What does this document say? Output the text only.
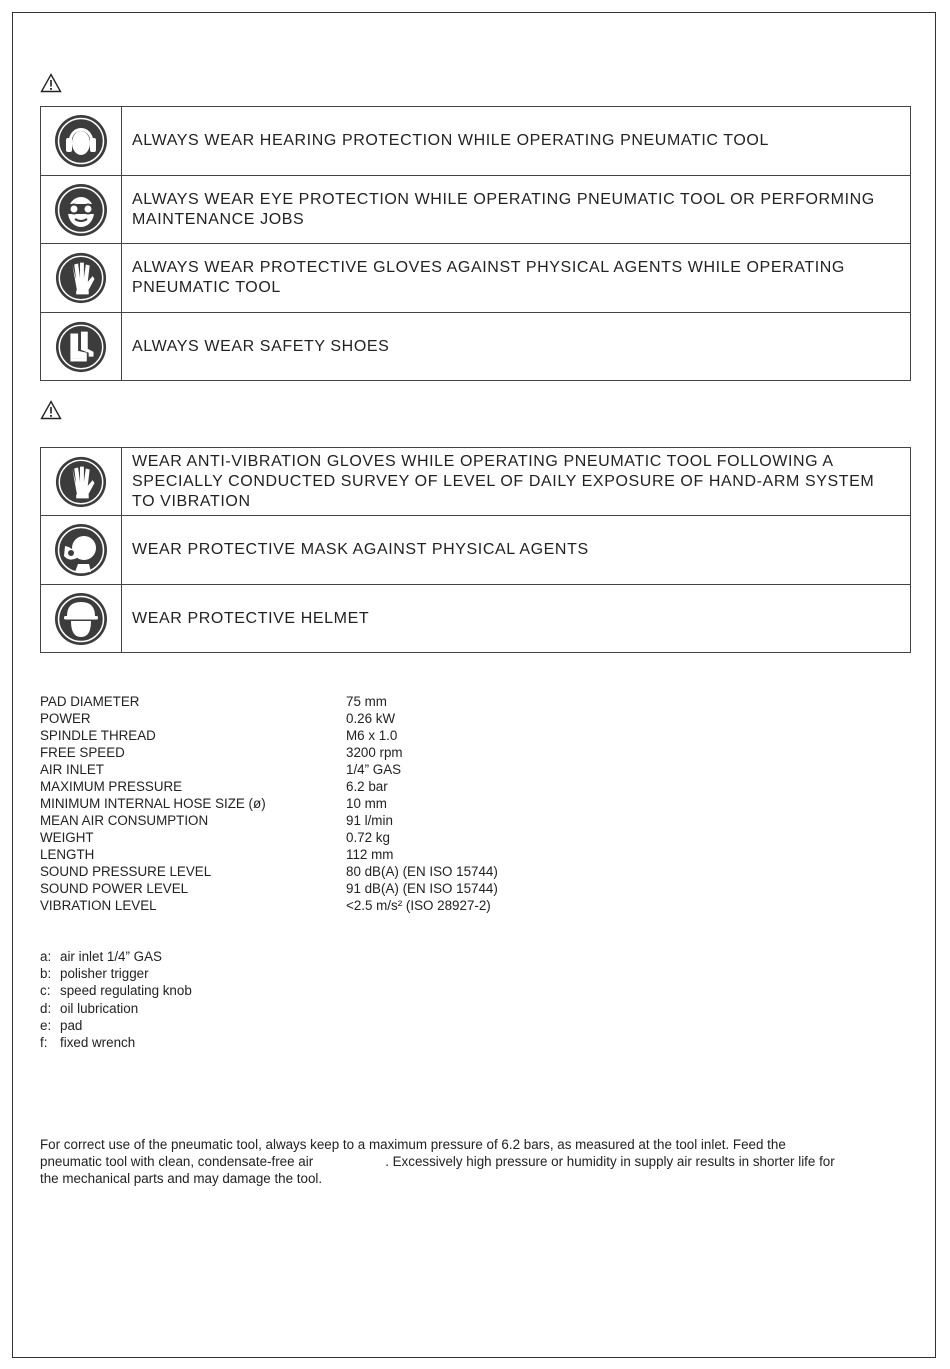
ALWAYS WEAR HEARING PROTECTION WHILE OPERATING PNEUMATIC TOOL
ALWAYS WEAR EYE PROTECTION WHILE OPERATING PNEUMATIC TOOL OR PERFORMING MAINTENANCE JOBS
ALWAYS WEAR PROTECTIVE GLOVES AGAINST PHYSICAL AGENTS WHILE OPERATING PNEUMATIC TOOL
ALWAYS WEAR SAFETY SHOES
WEAR ANTI-VIBRATION GLOVES WHILE OPERATING PNEUMATIC TOOL FOLLOWING A SPECIALLY CONDUCTED SURVEY OF LEVEL OF DAILY EXPOSURE OF HAND-ARM SYSTEM TO VIBRATION
WEAR PROTECTIVE MASK AGAINST PHYSICAL AGENTS
WEAR PROTECTIVE HELMET
PAD DIAMETER	75 mm
POWER	0.26 kW
SPINDLE THREAD	M6 x 1.0
FREE SPEED	3200 rpm
AIR INLET	1/4” GAS
MAXIMUM PRESSURE	6.2 bar
MINIMUM INTERNAL HOSE SIZE (ø)	10 mm
MEAN AIR CONSUMPTION	91 l/min
WEIGHT	0.72 kg
LENGTH	112 mm
SOUND PRESSURE LEVEL	80 dB(A) (EN ISO 15744)
SOUND POWER LEVEL	91 dB(A) (EN ISO 15744)
VIBRATION LEVEL	<2.5 m/s² (ISO 28927-2)
a: air inlet 1/4” GAS
b: polisher trigger
c: speed regulating knob
d: oil lubrication
e: pad
f: fixed wrench

For correct use of the pneumatic tool, always keep to a maximum pressure of 6.2 bars, as measured at the tool inlet. Feed the

pneumatic tool with clean, condensate-free air	. Excessively high pressure or humidity in supply air results in shorter life for

the mechanical parts and may damage the tool.
